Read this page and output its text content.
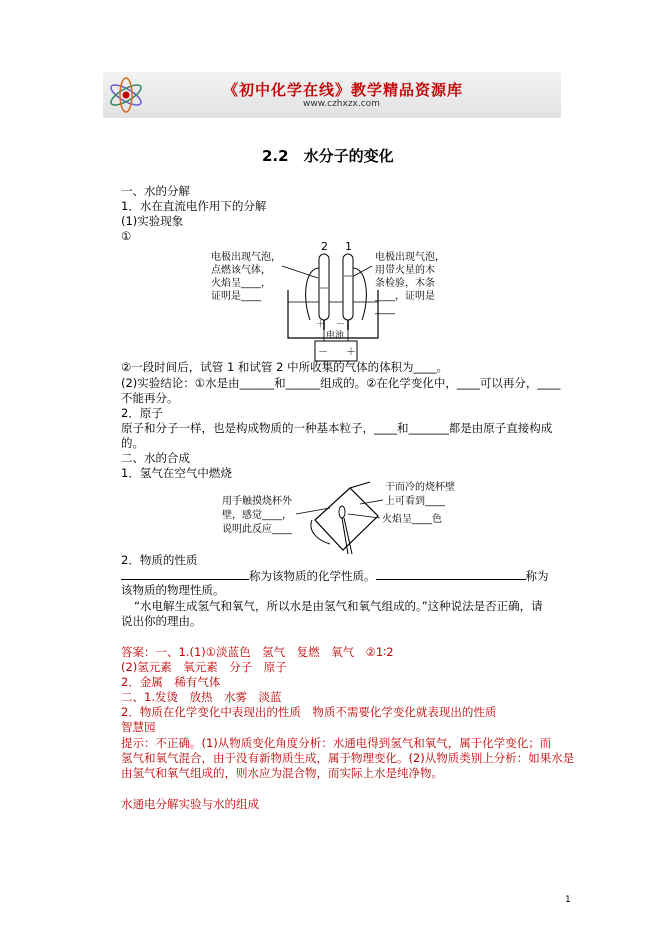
《初中化学在线》教学精品资源库
www.czhxzx.com
2.2　水分子的变化
一、水的分解
1．水在直流电作用下的分解
(1)实验现象
①
电极出现气泡，
点燃该气体，
火焰呈____，
证明是____
电极出现气泡，
用带火星的木
条检验，木条
____，证明是
____
2 1
＋ －
电池
－ ＋
②一段时间后，试管 1 和试管 2 中所收集的气体的体积为____。
(2)实验结论：①水是由______和______组成的。②在化学变化中，____可以再分，____
不能再分。
2．原子
原子和分子一样，也是构成物质的一种基本粒子，____和_______都是由原子直接构成
的。
二、水的合成
1．氢气在空气中燃烧
用手触摸烧杯外
壁，感觉____，
说明此反应____
干而冷的烧杯壁
上可看到____
火焰呈____色
2．物质的性质
称为该物质的化学性质。	称为
该物质的物理性质。
“水电解生成氢气和氧气，所以水是由氢气和氧气组成的。”这种说法是否正确，请
说出你的理由。
答案：一、1.(1)①淡蓝色　氢气　复燃　氧气　②1∶2
(2)氢元素　氧元素　分子　原子
2．金属　稀有气体
二、1.发烫　放热　水雾　淡蓝
2．物质在化学变化中表现出的性质　物质不需要化学变化就表现出的性质
智慧园
提示：不正确。(1)从物质变化角度分析：水通电得到氢气和氧气，属于化学变化；而
氢气和氧气混合，由于没有新物质生成，属于物理变化。(2)从物质类别上分析：如果水是
由氢气和氧气组成的，则水应为混合物，而实际上水是纯净物。
水通电分解实验与水的组成
1
